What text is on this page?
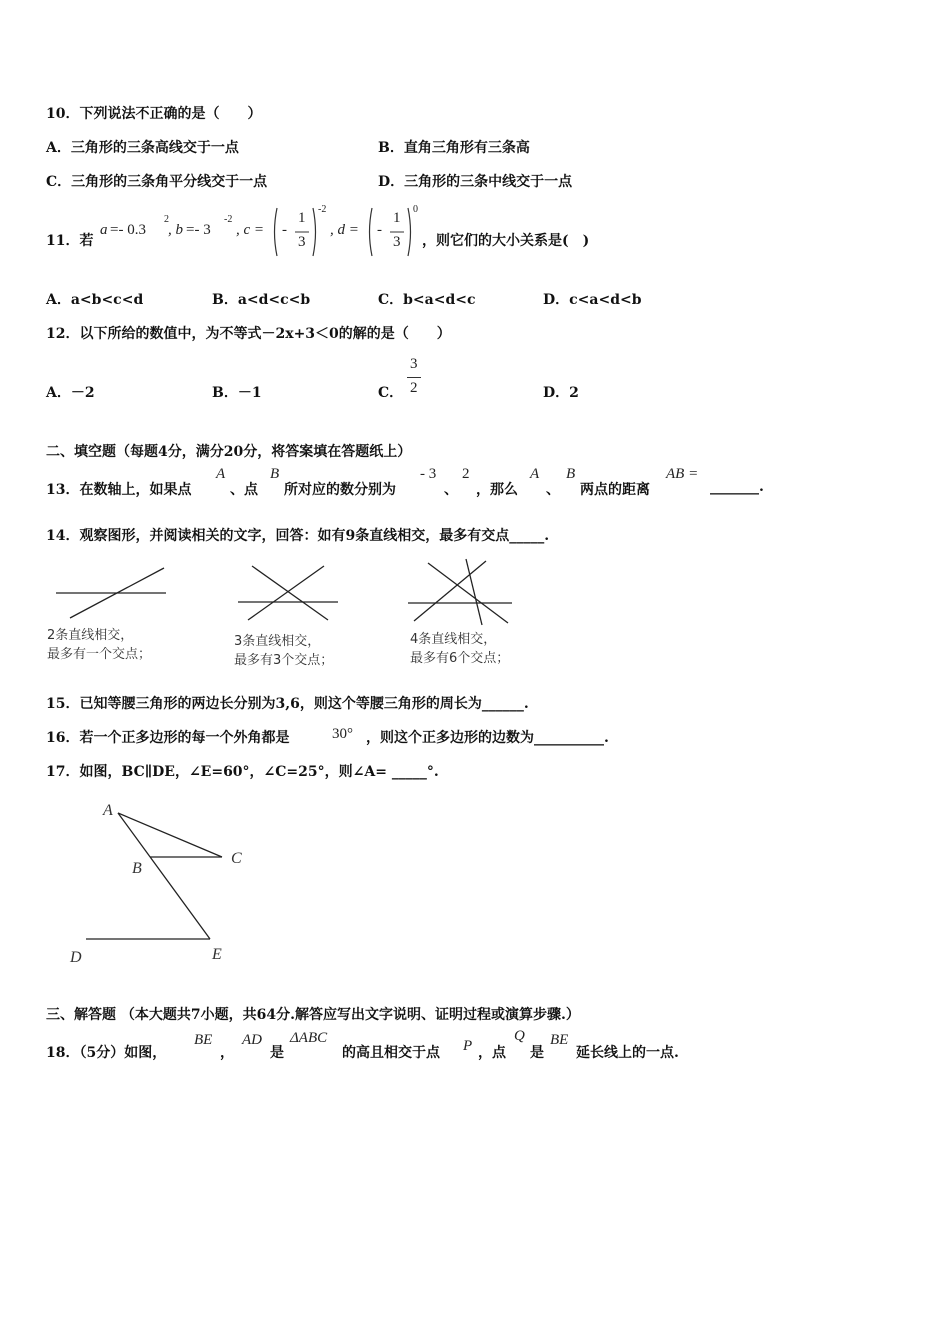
10．下列说法不正确的是（　　）
A．三角形的三条高线交于一点	B．直角三角形有三条高
C．三角形的三条角平分线交于一点	D．三角形的三条中线交于一点
11．若
a =- 0.3
2
, b =- 3
-2
, c = -
1
3
-2
, d = -
1
3
0
，则它们的大小关系是(　)
A．a<b<c<d	B．a<d<c<b	C．b<a<d<c	D．c<a<d<b
12．以下所给的数值中，为不等式－2x+3＜0的解的是（　　）
A．－2	B．－1	C．
3
2	D．2
二、填空题（每题4分，满分20分，将答案填在答题纸上）
13．在数轴上，如果点
A
、点
B
所对应的数分别为
- 3
、
2
，那么
A
、
B
两点的距离
AB =
_______.
14．观察图形，并阅读相关的文字，回答：如有9条直线相交，最多有交点_____.
2条直线相交，
最多有一个交点；
3条直线相交，
最多有3个交点；
4条直线相交，
最多有6个交点；
15．已知等腰三角形的两边长分别为3,6，则这个等腰三角形的周长为______.
16．若一个正多边形的每一个外角都是	30° ，则这个正多边形的边数为__________.
17．如图，BC∥DE，∠E=60°，∠C=25°，则∠A= _____°.
A
B
C
D	E
三、解答题 （本大题共7小题，共64分.解答应写出文字说明、证明过程或演算步骤.）
18．（5分）如图，
BE
，
AD
是
ΔABC
的高且相交于点 P ，点
Q
是
BE
延长线上的一点.
